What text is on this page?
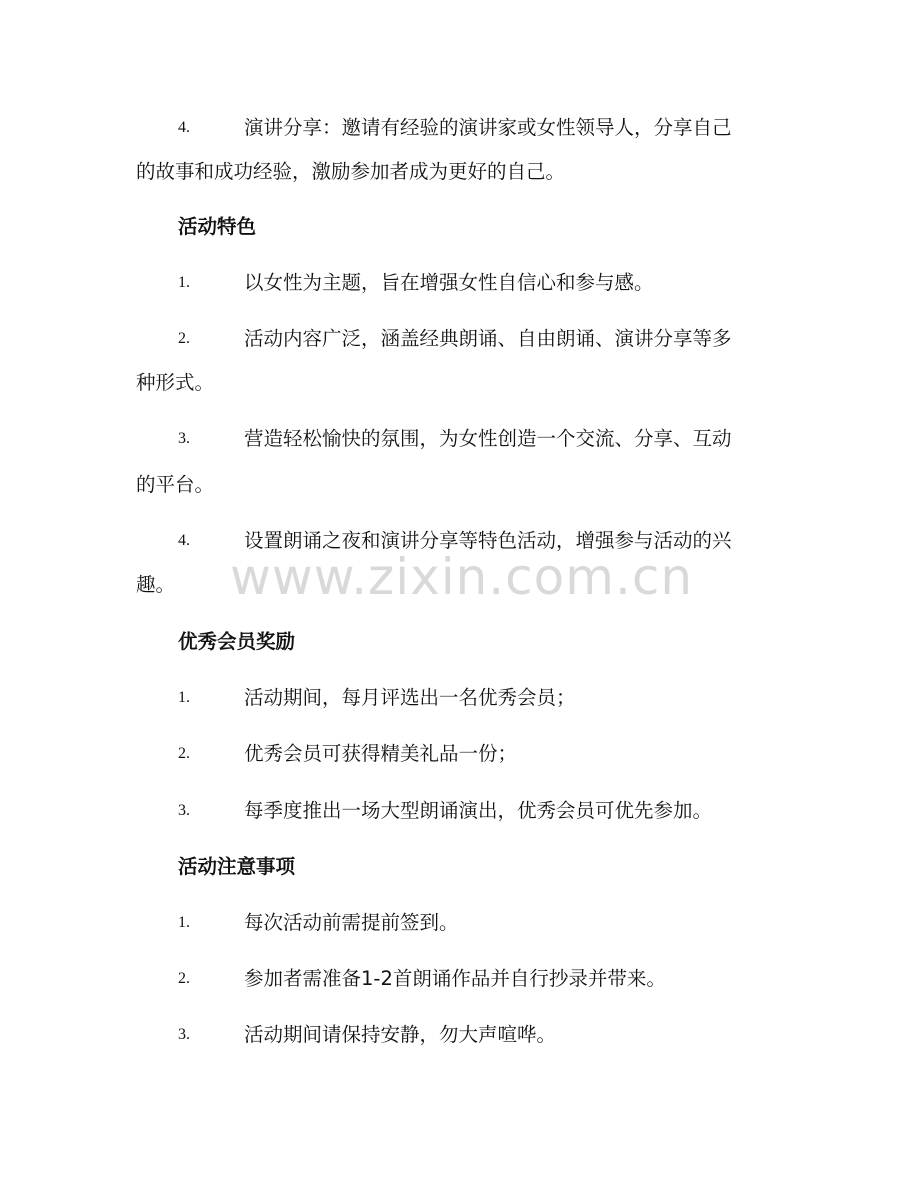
4.	演讲分享：邀请有经验的演讲家或女性领导人，分享自己
的故事和成功经验，激励参加者成为更好的自己。
活动特色
1.	以女性为主题，旨在增强女性自信心和参与感。
2.	活动内容广泛，涵盖经典朗诵、自由朗诵、演讲分享等多
种形式。
3.	营造轻松愉快的氛围，为女性创造一个交流、分享、互动
的平台。
4.	设置朗诵之夜和演讲分享等特色活动，增强参与活动的兴
趣。
优秀会员奖励
1.	活动期间，每月评选出一名优秀会员；
2.	优秀会员可获得精美礼品一份；
3.	每季度推出一场大型朗诵演出，优秀会员可优先参加。
活动注意事项
1.	每次活动前需提前签到。
2.	参加者需准备1-2首朗诵作品并自行抄录并带来。
3.	活动期间请保持安静，勿大声喧哗。
www.zixin.com.cn
